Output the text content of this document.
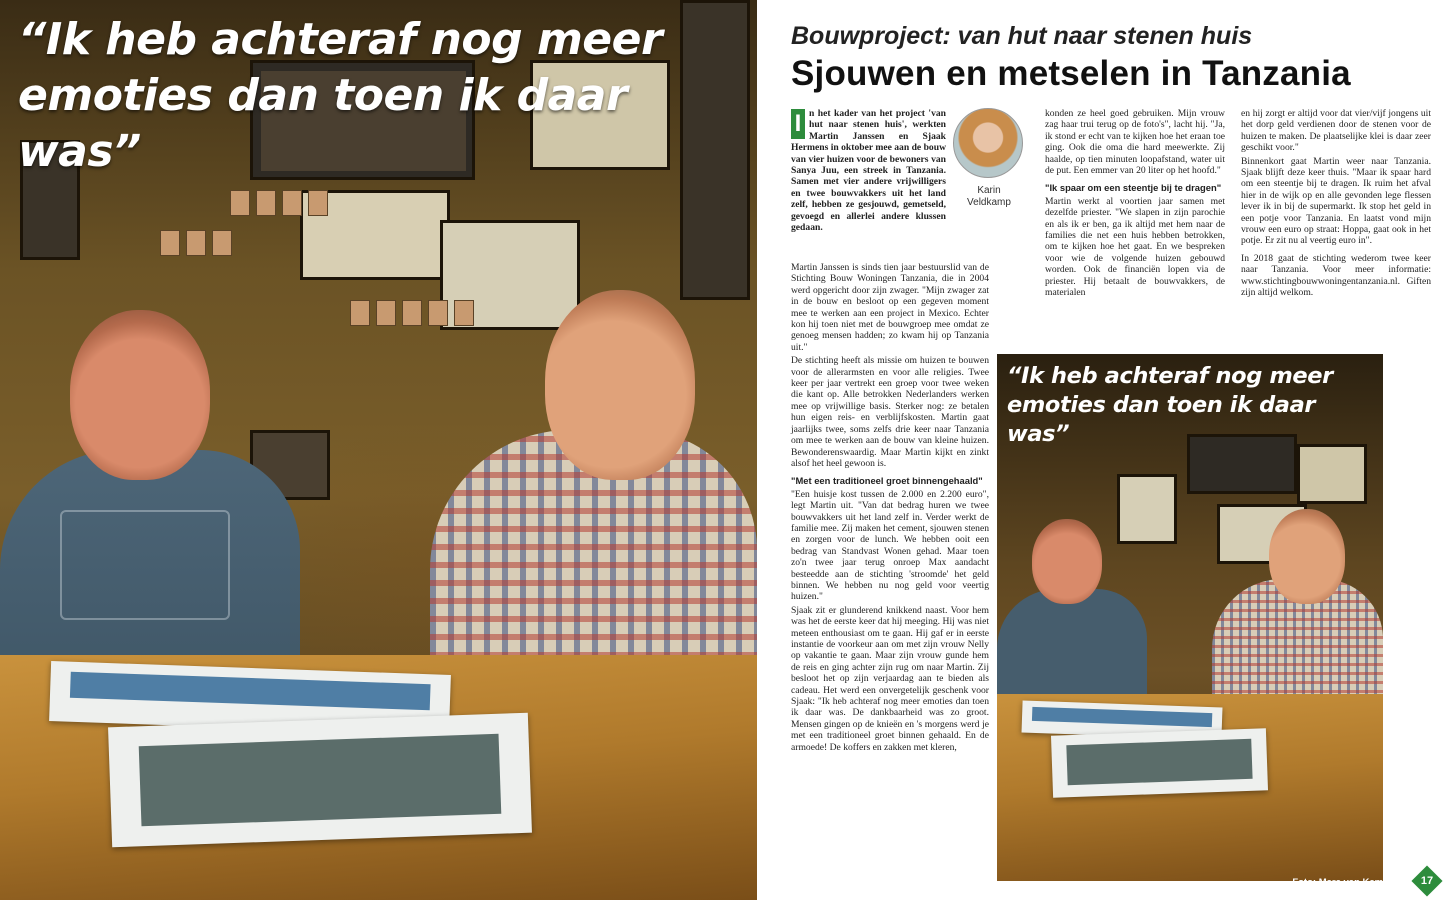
“Ik heb achteraf nog meer
emoties dan toen ik daar was”
Bouwproject: van hut naar stenen huis
Sjouwen en metselen in Tanzania
I n het kader van het project 'van hut naar stenen huis', werkten Martin Janssen en Sjaak Hermens in oktober mee aan de bouw van vier huizen voor de bewoners van Sanya Juu, een streek in Tanzania. Samen met vier andere vrijwilligers en twee bouwvakkers uit het land zelf, hebben ze gesjouwd, gemetseld, gevoegd en allerlei andere klussen gedaan.
Karin
Veldkamp

Martin Janssen is sinds tien jaar bestuurslid van de Stichting Bouw Woningen Tanzania, die in 2004 werd opgericht door zijn zwager. "Mijn zwager zat in de bouw en besloot op een gegeven moment mee te werken aan een project in Mexico. Echter kon hij toen niet met de bouwgroep mee omdat ze genoeg mensen hadden; zo kwam hij op Tanzania uit."

De stichting heeft als missie om huizen te bouwen voor de allerarmsten en voor alle religies. Twee keer per jaar vertrekt een groep voor twee weken die kant op. Alle betrokken Nederlanders werken mee op vrijwillige basis. Sterker nog: ze betalen hun eigen reis- en verblijfskosten. Martin gaat jaarlijks twee, soms zelfs drie keer naar Tanzania om mee te werken aan de bouw van kleine huizen. Bewonderenswaardig. Maar Martin kijkt en zinkt alsof het heel gewoon is.

"Met een traditioneel groet binnengehaald"

"Een huisje kost tussen de 2.000 en 2.200 euro", legt Martin uit. "Van dat bedrag huren we twee bouwvakkers uit het land zelf in. Verder werkt de familie mee. Zij maken het cement, sjouwen stenen en zorgen voor de lunch. We hebben ooit een bedrag van Standvast Wonen gehad. Maar toen zo'n twee jaar terug onroep Max aandacht besteedde aan de stichting 'stroomde' het geld binnen. We hebben nu nog geld voor veertig huizen."

Sjaak zit er glunderend knikkend naast. Voor hem was het de eerste keer dat hij meeging. Hij was niet meteen enthousiast om te gaan. Hij gaf er in eerste instantie de voorkeur aan om met zijn vrouw Nelly op vakantie te gaan. Maar zijn vrouw gunde hem de reis en ging achter zijn rug om naar Martin. Zij besloot het op zijn verjaardag aan te bieden als cadeau. Het werd een onvergetelijk geschenk voor Sjaak: "Ik heb achteraf nog meer emoties dan toen ik daar was. De dankbaarheid was zo groot. Mensen gingen op de knieën en 's morgens werd je met een traditioneel groet binnen gehaald. En de armoede! De koffers en zakken met kleren,

konden ze heel goed gebruiken. Mijn vrouw zag haar trui terug op de foto's", lacht hij. "Ja, ik stond er echt van te kijken hoe het eraan toe ging. Ook die oma die hard meewerkte. Zij haalde, op tien minuten loopafstand, water uit de put. Een emmer van 20 liter op het hoofd."

"Ik spaar om een steentje bij te dragen"

Martin werkt al voortien jaar samen met dezelfde priester. "We slapen in zijn parochie en als ik er ben, ga ik altijd met hem naar de families die net een huis hebben betrokken, om te kijken hoe het gaat. En we bespreken voor wie de volgende huizen gebouwd worden. Ook de financiën lopen via de priester. Hij betaalt de bouwvakkers, de materialen

en hij zorgt er altijd voor dat vier/vijf jongens uit het dorp geld verdienen door de stenen voor de huizen te maken. De plaatselijke klei is daar zeer geschikt voor."

Binnenkort gaat Martin weer naar Tanzania. Sjaak blijft deze keer thuis. "Maar ik spaar hard om een steentje bij te dragen. Ik ruim het afval hier in de wijk op en alle gevonden lege flessen lever ik in bij de supermarkt. Ik stop het geld in een potje voor Tanzania. En laatst vond mijn vrouw een euro op straat: Hoppa, gaat ook in het potje. Er zit nu al veertig euro in".

In 2018 gaat de stichting wederom twee keer naar Tanzania. Voor meer informatie: www.stichtingbouwwoningentanzania.nl. Giften zijn altijd welkom.

“Ik heb achteraf nog meer
emoties dan toen ik daar was”
Foto: Marc van Kempen	17
